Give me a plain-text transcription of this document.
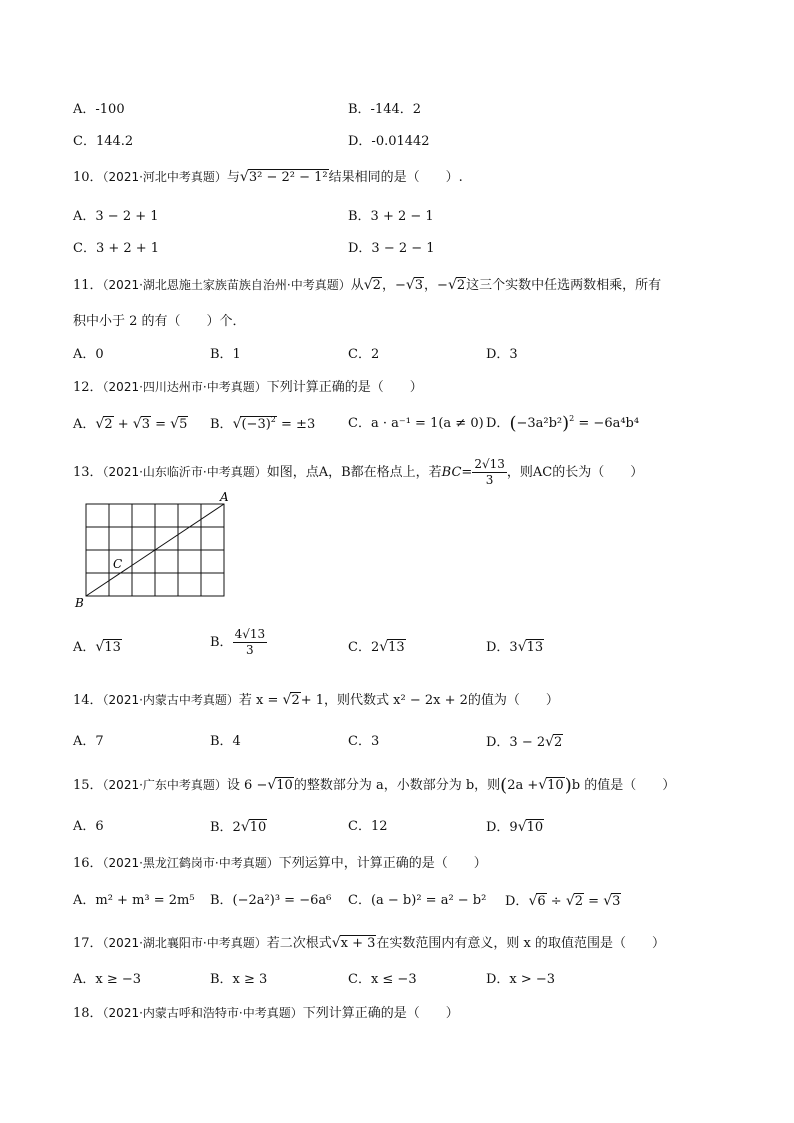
A．-100	B．-144．2
C．144.2	D．-0.01442
10．（2021·河北中考真题）与√3² − 2² − 1²结果相同的是（　　）.
A．3 − 2 + 1	B．3 + 2 − 1
C．3 + 2 + 1	D．3 − 2 − 1
11．（2021·湖北恩施土家族苗族自治州·中考真题）从√2，−√3，−√2这三个实数中任选两数相乘，所有
积中小于 2 的有（　　）个．
A．0	B．1	C．2	D．3
12．（2021·四川达州市·中考真题）下列计算正确的是（　　）
A．√2 + √3 = √5 B．$√(-3)^2 = \pm 3$	C．a · a⁻¹ = 1(a ≠ 0) D．$(-3a^2b^2)^2 = -6a^4b^4$
13．（2021·山东临沂市·中考真题）如图，点A，B都在格点上，若$BC= \frac{2√13}{3}$ ，则AC的长为（　　）
A
B
C
A．√13	B． $\frac{4√13}{3}$	C．2√13	D．3√13
14．（2021·内蒙古中考真题）若 x = √2+ 1，则代数式 x² − 2x + 2的值为（　　）
A．7	B．4	C．3	D．3 − 2√2
15．（2021·广东中考真题）设 6 −√10的整数部分为 a，小数部分为 b，则(2a +√10)b 的值是（　　）
A．6	B．2√10	C．12	D．9√10
16．（2021·黑龙江鹤岗市·中考真题）下列运算中，计算正确的是（　　）
A．m² + m³ = 2m⁵ B．(−2a²)³ = −6a⁶ C．(a − b)² = a² − b² D．√6 ÷ √2 = √3
17．（2021·湖北襄阳市·中考真题）若二次根式√x + 3在实数范围内有意义，则 x 的取值范围是（　　）
A．x ≥ −3	B．x ≥ 3	C．x ≤ −3	D．x > −3
18．（2021·内蒙古呼和浩特市·中考真题）下列计算正确的是（　　）
